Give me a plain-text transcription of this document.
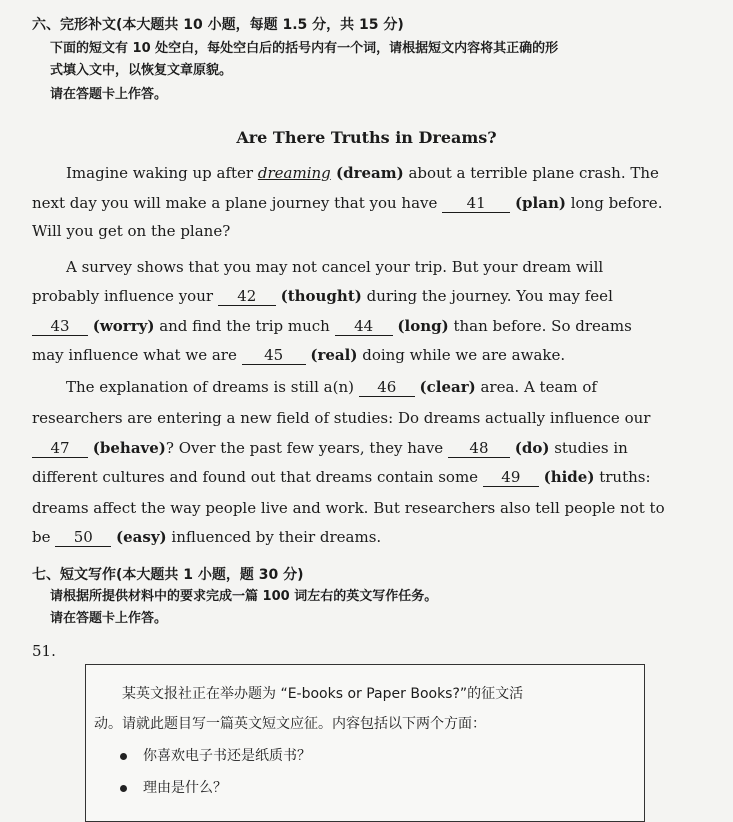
六、完形补文(本大题共 10 小题，每题 1.5 分，共 15 分)
下面的短文有 10 处空白，每处空白后的括号内有一个词，请根据短文内容将其正确的形
式填入文中，以恢复文章原貌。
请在答题卡上作答。
Are There Truths in Dreams?
Imagine waking up after dreaming (dream) about a terrible plane crash. The
next day you will make a plane journey that you have 41 (plan) long before.
Will you get on the plane?
A survey shows that you may not cancel your trip. But your dream will
probably influence your 42 (thought) during the journey. You may feel
43 (worry) and find the trip much 44 (long) than before. So dreams
may influence what we are 45 (real) doing while we are awake.
The explanation of dreams is still a(n) 46 (clear) area. A team of
researchers are entering a new field of studies: Do dreams actually influence our
47 (behave)? Over the past few years, they have 48 (do) studies in
different cultures and found out that dreams contain some 49 (hide) truths:
dreams affect the way people live and work. But researchers also tell people not to
be 50 (easy) influenced by their dreams.
七、短文写作(本大题共 1 小题，题 30 分)
请根据所提供材料中的要求完成一篇 100 词左右的英文写作任务。
请在答题卡上作答。
51.
某英文报社正在举办题为 “E-books or Paper Books?”的征文活
动。请就此题目写一篇英文短文应征。内容包括以下两个方面：
你喜欢电子书还是纸质书？
理由是什么？
